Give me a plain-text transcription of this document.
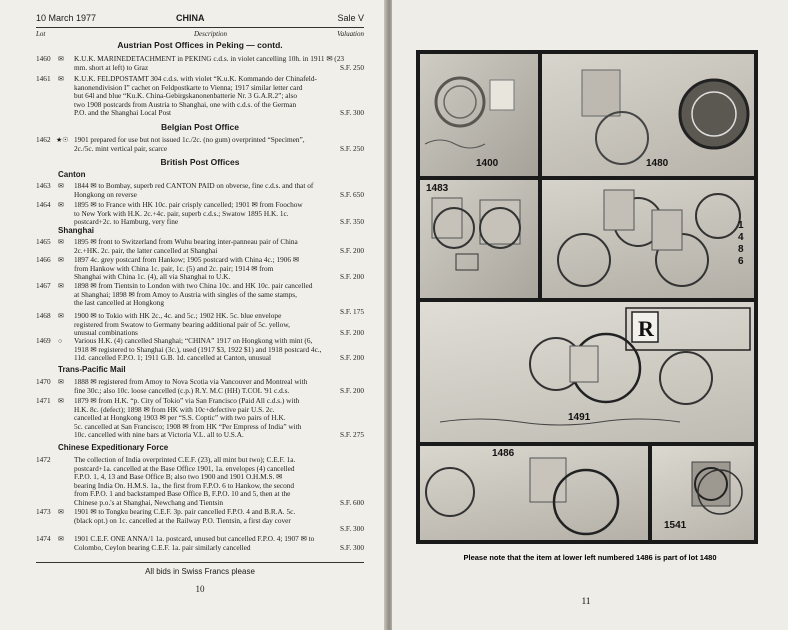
10 March 1977	CHINA	Sale V
Lot	Description	Valuation
Austrian Post Offices in Peking — contd.
1460 ✉ K.U.K. MARINEDETACHMENT in PEKING c.d.s. in violet cancelling 10h. in 1911 ✉ (23
mm. short at left) to Graz	S.F. 250
1461 ✉ K.U.K. FELDPOSTAMT 304 c.d.s. with violet “K.u.K. Kommando der Chinafeld-
kanonendivision I” cachet on Feldpostkarte to Vienna; 1917 similar letter card
but 64l and blue “Ku.K. China-Gebirgskanonenbatterie Nr. 3 G.A.R.2”; also
two 1908 postcards from Austria to Shanghai, one with c.d.s. of the German
P.O. and the Shanghai Local Post	S.F. 300
Belgian Post Office
1462 ★☉ 1901 prepared for use but not issued 1c./2c. (no gum) overprinted “Specimen”,
2c./5c. mint vertical pair, scarce	S.F. 250
British Post Offices
Canton
1463 ✉ 1844 ✉ to Bombay, superb red CANTON PAID on obverse, fine c.d.s. and that of
Hongkong on reverse	S.F. 650
1464 ✉ 1895 ✉ to France with HK 10c. pair crisply cancelled; 1901 ✉ from Foochow
to New York with H.K. 2c.+4c. pair, superb c.d.s.; Swatow 1895 H.K. 1c.
postcard+2c. to Hamburg, very fine	S.F. 350
Shanghai
1465 ✉ 1895 ✉ front to Switzerland from Wuhu bearing inter-panneau pair of China
2c.+HK. 2c. pair, the latter cancelled at Shanghai	S.F. 200
1466 ✉ 1897 4c. grey postcard from Hankow; 1905 postcard with China 4c.; 1906 ✉
from Hankow with China 1c. pair, 1c. (5) and 2c. pair; 1914 ✉ from
Shanghai with China 1c. (4), all via Shanghai to U.K.	S.F. 200
1467 ✉ 1898 ✉ from Tientsin to London with two China 10c. and HK 10c. pair cancelled
at Shanghai; 1898 ✉ from Amoy to Austria with singles of the same stamps,
the last cancelled at Hongkong
S.F. 175
1468 ✉ 1900 ✉ to Tokio with HK 2c., 4c. and 5c.; 1902 HK. 5c. blue envelope
registered from Swatow to Germany bearing additional pair of 5c. yellow,
unusual combinations	S.F. 200
1469 ○ Various H.K. (4) cancelled Shanghai; “CHINA” 1917 on Hongkong with mint (6,
1918 ✉ registered to Shanghai (3c.), used (1917 $3, 1922 $1) and 1918 postcard 4c.,
11d. cancelled F.P.O. 1; 1911 G.B. 1d. cancelled at Canton, unusual	S.F. 200
Trans-Pacific Mail
1470 ✉ 1888 ✉ registered from Amoy to Nova Scotia via Vancouver and Montreal with
fine 30c.; also 10c. loose cancelled (c.p.) R.Y. M.C (HH) T.COL '91 c.d.s.	S.F. 200
1471 ✉ 1879 ✉ from H.K. “p. City of Tokio” via San Francisco (Paid All c.d.s.) with
H.K. 8c. (defect); 1898 ✉ from HK with 10c+defective pair U.S. 2c.
cancelled at Hongkong 1903 ✉ per “S.S. Coptic” with two pairs of H.K.
5c. cancelled at San Francisco; 1908 ✉ from HK “Per Empress of India” with
10c. cancelled with nine bars at Victoria V.L. all to U.S.A.	S.F. 275
Chinese Expeditionary Force
1472	The collection of India overprinted C.E.F. (23), all mint but two); C.E.F. 1a.
postcard+1a. cancelled at the Base Office 1901, 1a. envelopes (4) cancelled
F.P.O. 1, 4, 13 and Base Office B; also two 1900 and 1901 O.H.M.S. ✉
bearing India On. H.M.S. 1a., the first from F.P.O. 6 to Hankow, the second
from F.P.O. 1 and backstamped Base Office B, F.P.O. 10 and 5, then at the
Chinese p.o.'s at Shanghai, Newchang and Tientsin	S.F. 600
1473 ✉ 1901 ✉ to Tongku bearing C.E.F. 3p. pair cancelled F.P.O. 4 and B.R.A. 5c.
(black opt.) on 1c. cancelled at the Railway P.O. Tientsin, a first day cover
S.F. 300
1474 ✉ 1901 C.E.F. ONE ANNA/1 1a. postcard, unused but cancelled F.P.O. 4; 1907 ✉ to
Colombo, Ceylon bearing C.E.F. 1a. pair similarly cancelled	S.F. 300
All bids in Swiss Francs please
10
1400	1480
1483
1486
R
1491
1486
1541
Please note that the item at lower left numbered 1486 is part of lot 1480
11
